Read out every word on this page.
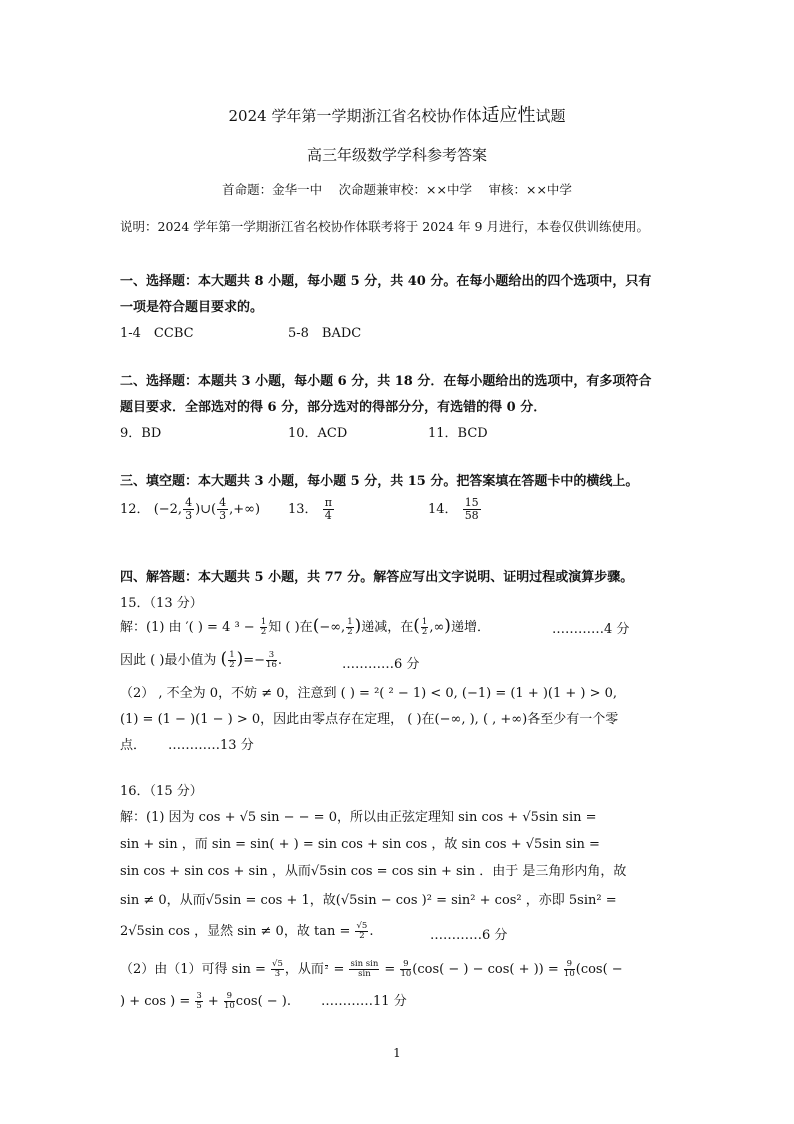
2024 学年第一学期浙江省名校协作体适应性试题
高三年级数学学科参考答案
首命题：金华一中　 次命题兼审校：××中学　 审核：××中学
说明：2024 学年第一学期浙江省名校协作体联考将于 2024 年 9 月进行，本卷仅供训练使用。
一、选择题：本大题共 8 小题，每小题 5 分，共 40 分。在每小题给出的四个选项中，只有
一项是符合题目要求的。
1-4　CCBC	5-8　BADC
二、选择题：本题共 3 小题，每小题 6 分，共 18 分．在每小题给出的选项中，有多项符合
题目要求．全部选对的得 6 分，部分选对的得部分分，有选错的得 0 分．
9．BD	10．ACD	11．BCD
三、填空题：本大题共 3 小题，每小题 5 分，共 15 分。把答案填在答题卡中的横线上。
12． (−2, $\frac{4}{3}$ )∪( $\frac{4}{3}$ ,+∞) 13． $\frac{\pi}{4}$	14． $\frac{15}{58}$
四、解答题：本大题共 5 小题，共 77 分。解答应写出文字说明、证明过程或演算步骤。
15．（13 分）
解：(1) 由 ′( ) = 4 $^3 - \frac{1}{2}$ 知 ( )在(−∞, $\frac{1}{2}$ )递减，在( $\frac{1}{2}$ ,∞)递增．	…………4 分
因此 ( )最小值为 ( $\frac{1}{2}$ )=− $\frac{3}{16}$ .	…………6 分
（2） , 不全为 0，不妨 ≠ 0，注意到 ( ) = ²( ² − 1) < 0, (−1) = (1 + )(1 + ) > 0,
(1) = (1 − )(1 − ) > 0，因此由零点存在定理， ( )在(−∞, ), ( , +∞)各至少有一个零
点． …………13 分
16．（15 分）
解：(1) 因为 cos + √5 sin − − = 0，所以由正弦定理知 sin cos + √5sin sin =
sin + sin ，而 sin = sin( + ) = sin cos + sin cos ，故 sin cos + √5sin sin =
sin cos + sin cos + sin ，从而√5sin cos = cos sin + sin ．由于 是三角形内角，故
sin ≠ 0，从而√5sin = cos + 1，故(√5sin − cos )² = sin² + cos² ，亦即 5sin² =
2√5sin cos ，显然 sin ≠ 0，故 $\tan = \frac{√5}{2}$ .	…………6 分
（2）由（1）可得 $\sin = \frac{√5}{3}$ ，从而 $^2 = \frac{\text{sin sin}}{\sin} = \frac{9}{10} (\cos$( − ) − cos( + )) = $\frac{9}{10} (\cos$( −
) + cos ) = $\frac{3}{5} + \frac{9}{10} \cos$( − ). …………11 分
1
